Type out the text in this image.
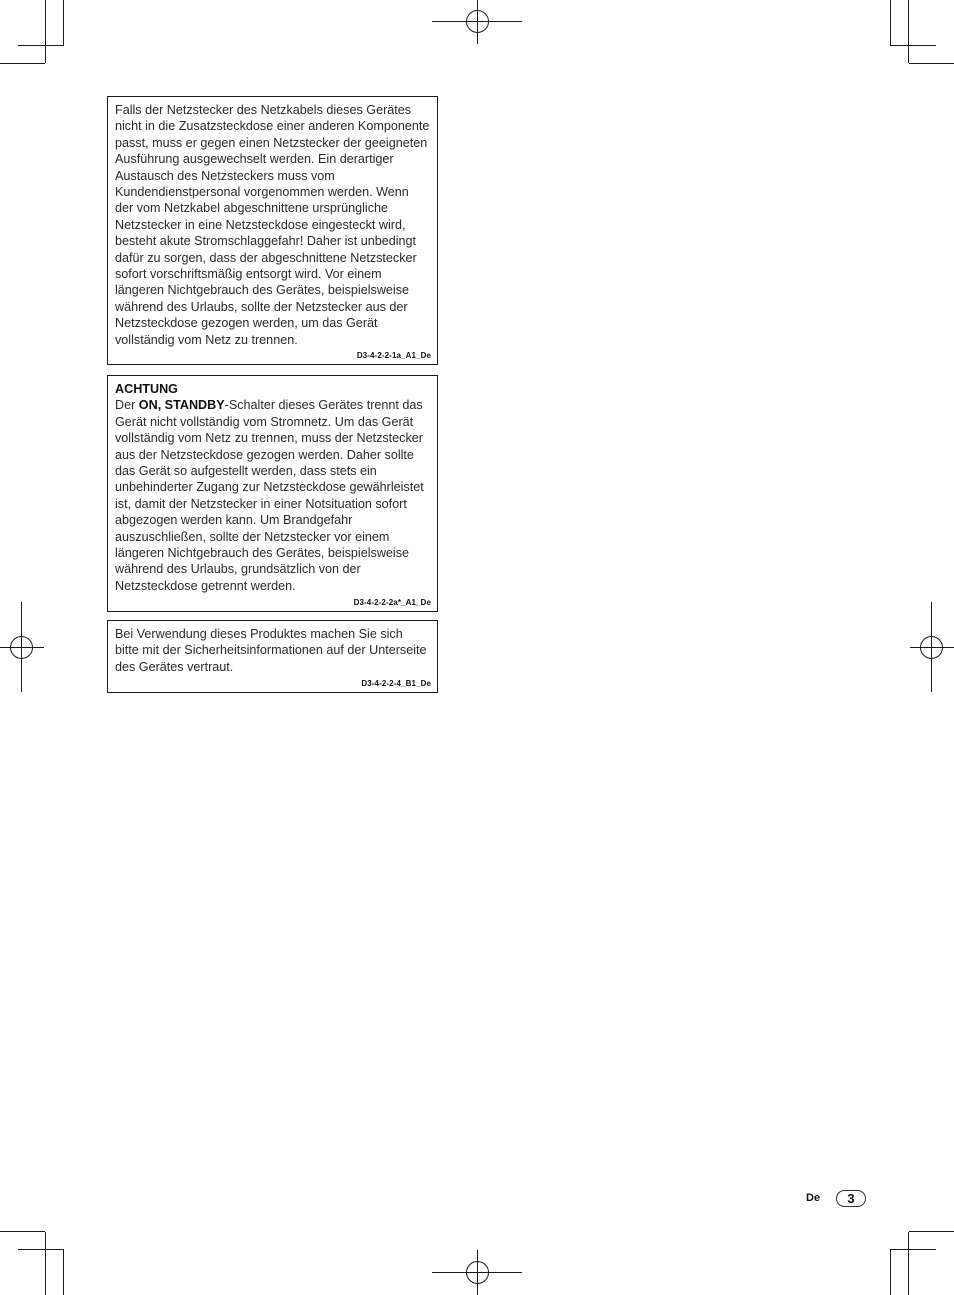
Falls der Netzstecker des Netzkabels dieses Gerätes nicht in die Zusatzsteckdose einer anderen Komponente passt, muss er gegen einen Netzstecker der geeigneten Ausführung ausgewechselt werden. Ein derartiger Austausch des Netzsteckers muss vom Kundendienstpersonal vorgenommen werden. Wenn der vom Netzkabel abgeschnittene ursprüngliche Netzstecker in eine Netzsteckdose eingesteckt wird, besteht akute Stromschlaggefahr! Daher ist unbedingt dafür zu sorgen, dass der abgeschnittene Netzstecker sofort vorschriftsmäßig entsorgt wird. Vor einem längeren Nichtgebrauch des Gerätes, beispielsweise während des Urlaubs, sollte der Netzstecker aus der Netzsteckdose gezogen werden, um das Gerät vollständig vom Netz zu trennen.

D3-4-2-2-1a_A1_De
ACHTUNG

Der ON, STANDBY-Schalter dieses Gerätes trennt das Gerät nicht vollständig vom Stromnetz. Um das Gerät vollständig vom Netz zu trennen, muss der Netzstecker aus der Netzsteckdose gezogen werden. Daher sollte das Gerät so aufgestellt werden, dass stets ein unbehinderter Zugang zur Netzsteckdose gewährleistet ist, damit der Netzstecker in einer Notsituation sofort abgezogen werden kann. Um Brandgefahr auszuschließen, sollte der Netzstecker vor einem längeren Nichtgebrauch des Gerätes, beispielsweise während des Urlaubs, grundsätzlich von der Netzsteckdose getrennt werden.

D3-4-2-2-2a*_A1_De

Bei Verwendung dieses Produktes machen Sie sich bitte mit der Sicherheitsinformationen auf der Unterseite des Gerätes vertraut.

D3-4-2-2-4_B1_De
De	3
